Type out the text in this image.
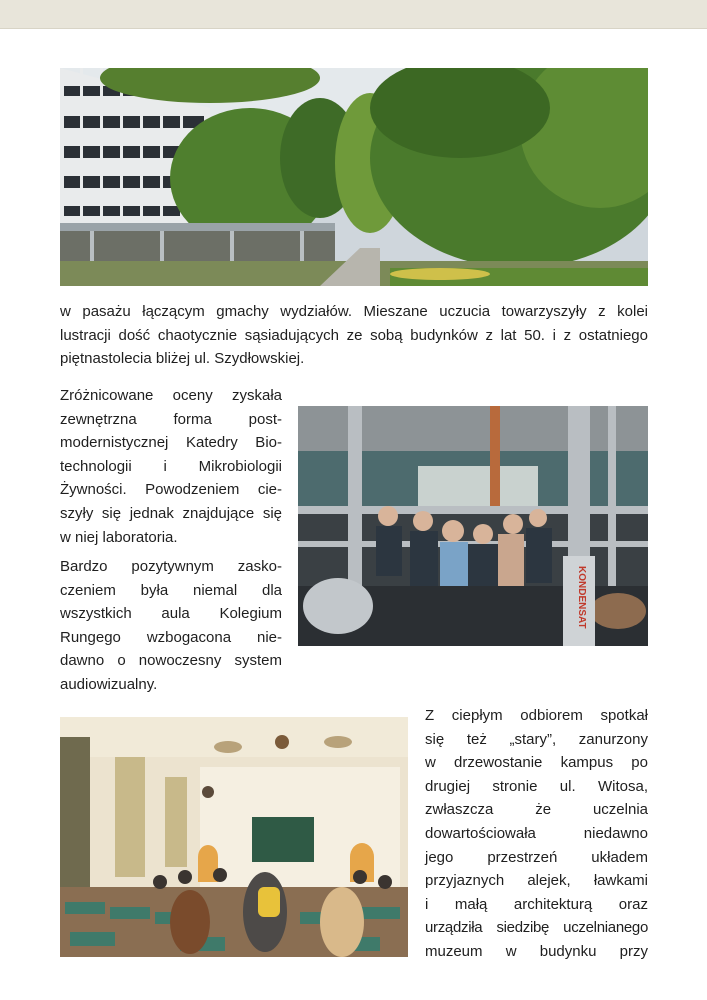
w pasażu łączącym gmachy wydziałów. Mieszane uczucia towarzyszyły z kolei
lustracji dość chaotycznie sąsiadujących ze sobą budynków z lat 50. i z ostatniego
piętnastolecia bliżej ul. Szydłowskiej.

Zróżnicowane oceny zyskała
zewnętrzna forma post-
modernistycznej Katedry Bio-
technologii i Mikrobiologii
Żywności. Powodzeniem cie-
szyły się jednak znajdujące się
w niej laboratoria.

Bardzo pozytywnym zasko-
czeniem była niemal dla
wszystkich aula Kolegium
Rungego wzbogacona nie-
dawno o nowoczesny system
audiowizualny.

KONDENSAT

Z ciepłym odbiorem spotkał
się też „stary”, zanurzony
w drzewostanie kampus po
drugiej stronie ul. Witosa,
zwłaszcza że uczelnia
dowartościowała niedawno
jego przestrzeń układem
przyjaznych alejek, ławkami
i małą architekturą oraz
urządziła siedzibę uczelnianego
muzeum w budynku przy
